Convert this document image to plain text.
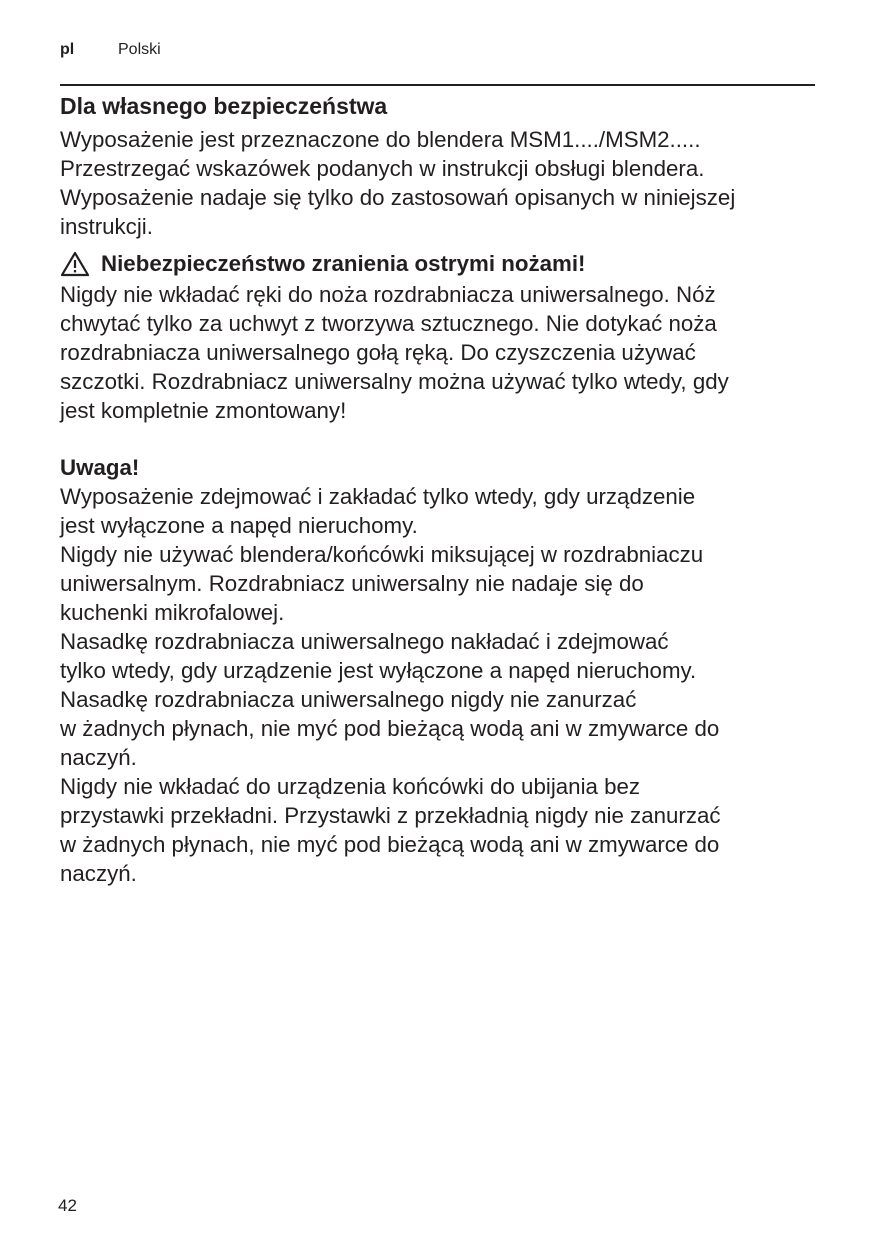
pl	Polski
Dla własnego bezpieczeństwa
Wyposażenie jest przeznaczone do blendera MSM1..../MSM2.....
Przestrzegać wskazówek podanych w instrukcji obsługi blendera.
Wyposażenie nadaje się tylko do zastosowań opisanych w niniejszej
instrukcji.
Niebezpieczeństwo zranienia ostrymi nożami!
Nigdy nie wkładać ręki do noża rozdrabniacza uniwersalnego. Nóż
chwytać tylko za uchwyt z tworzywa sztucznego. Nie dotykać noża
rozdrabniacza uniwersalnego gołą ręką. Do czyszczenia używać
szczotki. Rozdrabniacz uniwersalny można używać tylko wtedy, gdy
jest kompletnie zmontowany!
Uwaga!
Wyposażenie zdejmować i zakładać tylko wtedy, gdy urządzenie
jest wyłączone a napęd nieruchomy.
Nigdy nie używać blendera/końcówki miksującej w rozdrabniaczu
uniwersalnym. Rozdrabniacz uniwersalny nie nadaje się do
kuchenki mikrofalowej.
Nasadkę rozdrabniacza uniwersalnego nakładać i zdejmować
tylko wtedy, gdy urządzenie jest wyłączone a napęd nieruchomy.
Nasadkę rozdrabniacza uniwersalnego nigdy nie zanurzać
w żadnych płynach, nie myć pod bieżącą wodą ani w zmywarce do
naczyń.
Nigdy nie wkładać do urządzenia końcówki do ubijania bez
przystawki przekładni. Przystawki z przekładnią nigdy nie zanurzać
w żadnych płynach, nie myć pod bieżącą wodą ani w zmywarce do
naczyń.
42
